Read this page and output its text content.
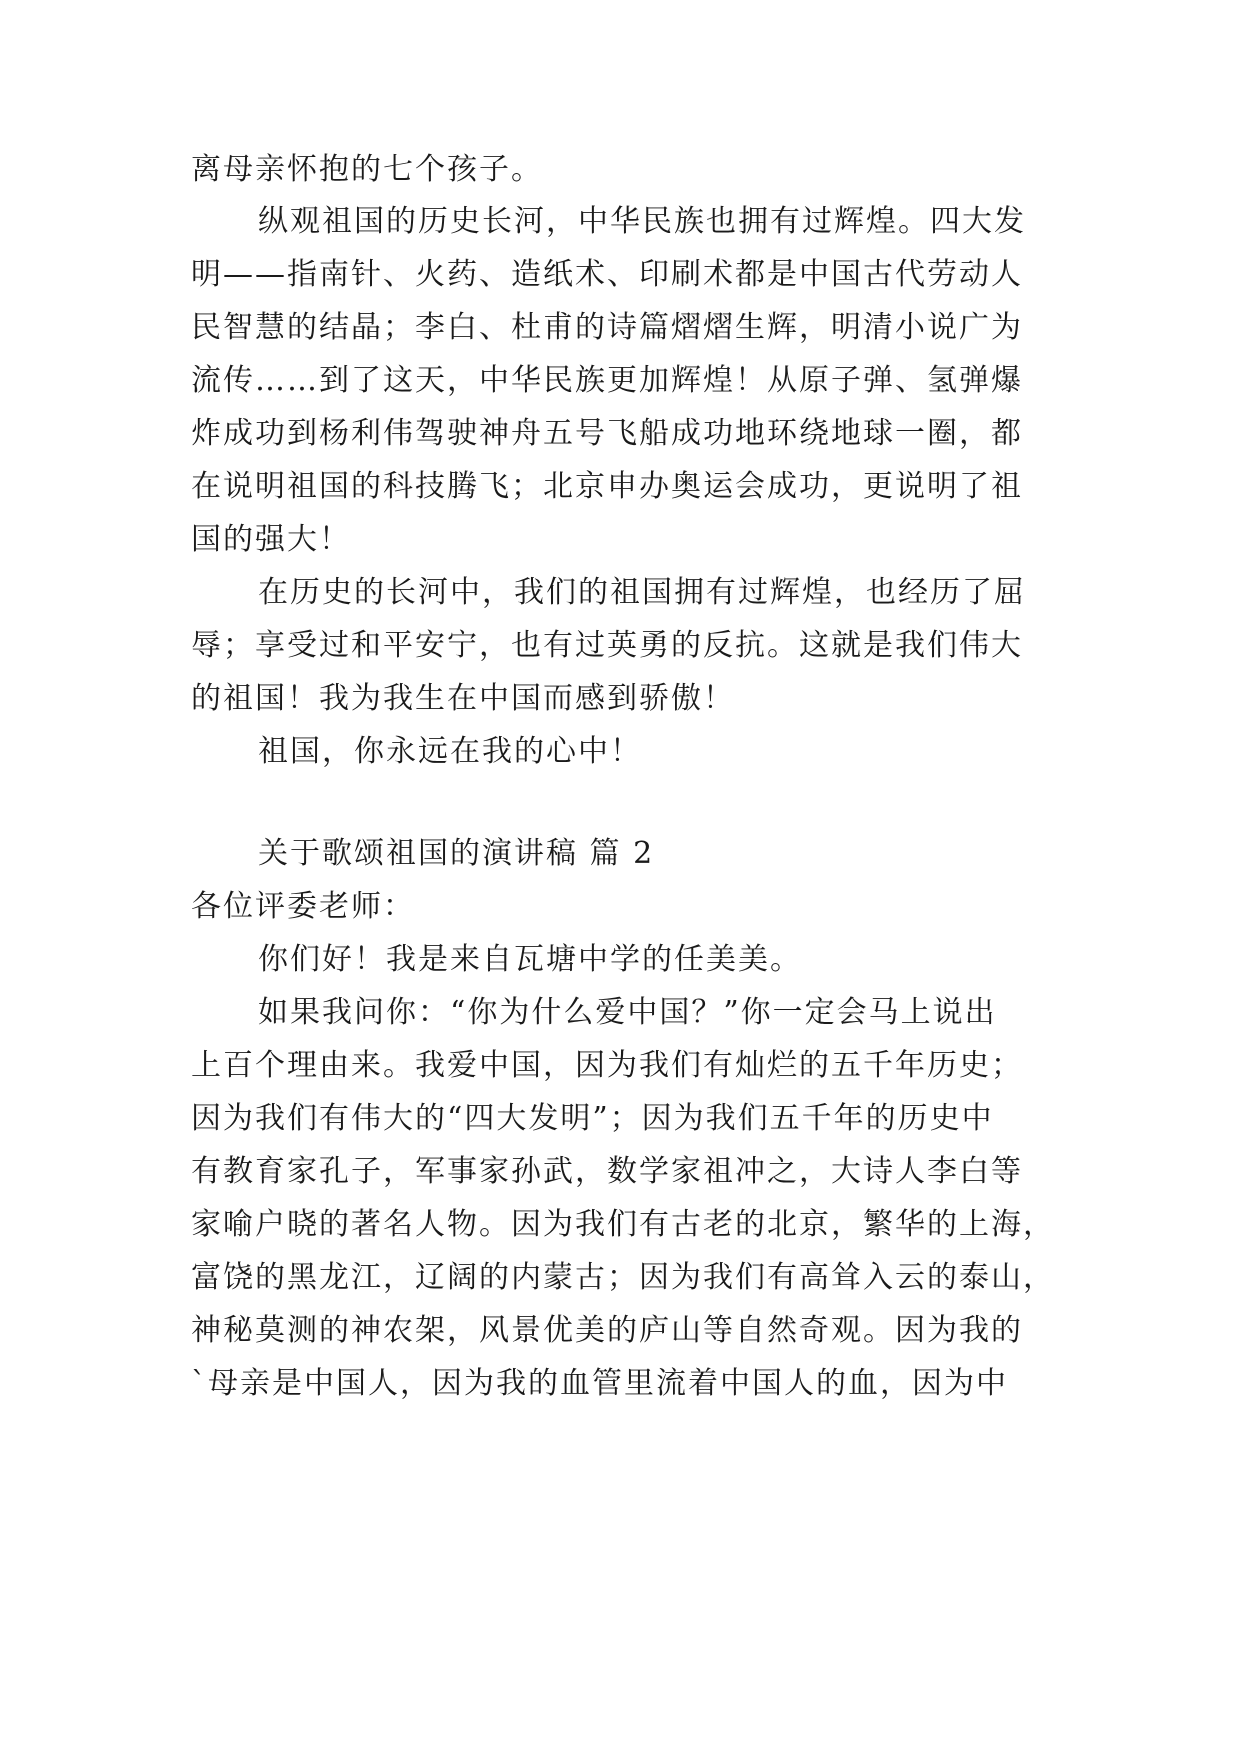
离母亲怀抱的七个孩子。
纵观祖国的历史长河，中华民族也拥有过辉煌。四大发
明——指南针、火药、造纸术、印刷术都是中国古代劳动人
民智慧的结晶；李白、杜甫的诗篇熠熠生辉，明清小说广为
流传……到了这天，中华民族更加辉煌！从原子弹、氢弹爆
炸成功到杨利伟驾驶神舟五号飞船成功地环绕地球一圈，都
在说明祖国的科技腾飞；北京申办奥运会成功，更说明了祖
国的强大！
在历史的长河中，我们的祖国拥有过辉煌，也经历了屈
辱；享受过和平安宁，也有过英勇的反抗。这就是我们伟大
的祖国！我为我生在中国而感到骄傲！
祖国，你永远在我的心中！
关于歌颂祖国的演讲稿 篇 2
各位评委老师：
你们好！我是来自瓦塘中学的任美美。
如果我问你：“你为什么爱中国？”你一定会马上说出
上百个理由来。我爱中国，因为我们有灿烂的五千年历史；
因为我们有伟大的“四大发明”；因为我们五千年的历史中
有教育家孔子，军事家孙武，数学家祖冲之，大诗人李白等
家喻户晓的著名人物。因为我们有古老的北京，繁华的上海，
富饶的黑龙江，辽阔的内蒙古；因为我们有高耸入云的泰山，
神秘莫测的神农架，风景优美的庐山等自然奇观。因为我的
`母亲是中国人，因为我的血管里流着中国人的血，因为中
